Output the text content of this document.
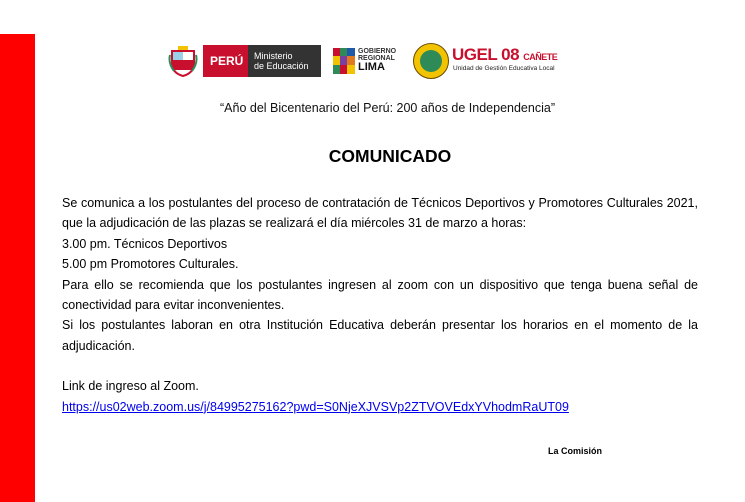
PERÚ	Ministerio
de Educación
GOBIERNO
REGIONAL
LIMA
UGEL 08 CAÑETE
Unidad de Gestión Educativa Local
“Año del Bicentenario del Perú: 200 años de Independencia”
COMUNICADO

Se comunica a los postulantes del proceso de contratación de Técnicos Deportivos y Promotores Culturales 2021, que la adjudicación de las plazas se realizará el día miércoles 31 de marzo a horas:

3.00 pm. Técnicos Deportivos

5.00 pm Promotores Culturales.

Para ello se recomienda que los postulantes ingresen al zoom con un dispositivo que tenga buena señal de conectividad para evitar inconvenientes.

Si los postulantes laboran en otra Institución Educativa deberán presentar los horarios en el momento de la adjudicación.

Link de ingreso al Zoom.

https://us02web.zoom.us/j/84995275162?pwd=S0NjeXJVSVp2ZTVOVEdxYVhodmRaUT09

La Comisión
